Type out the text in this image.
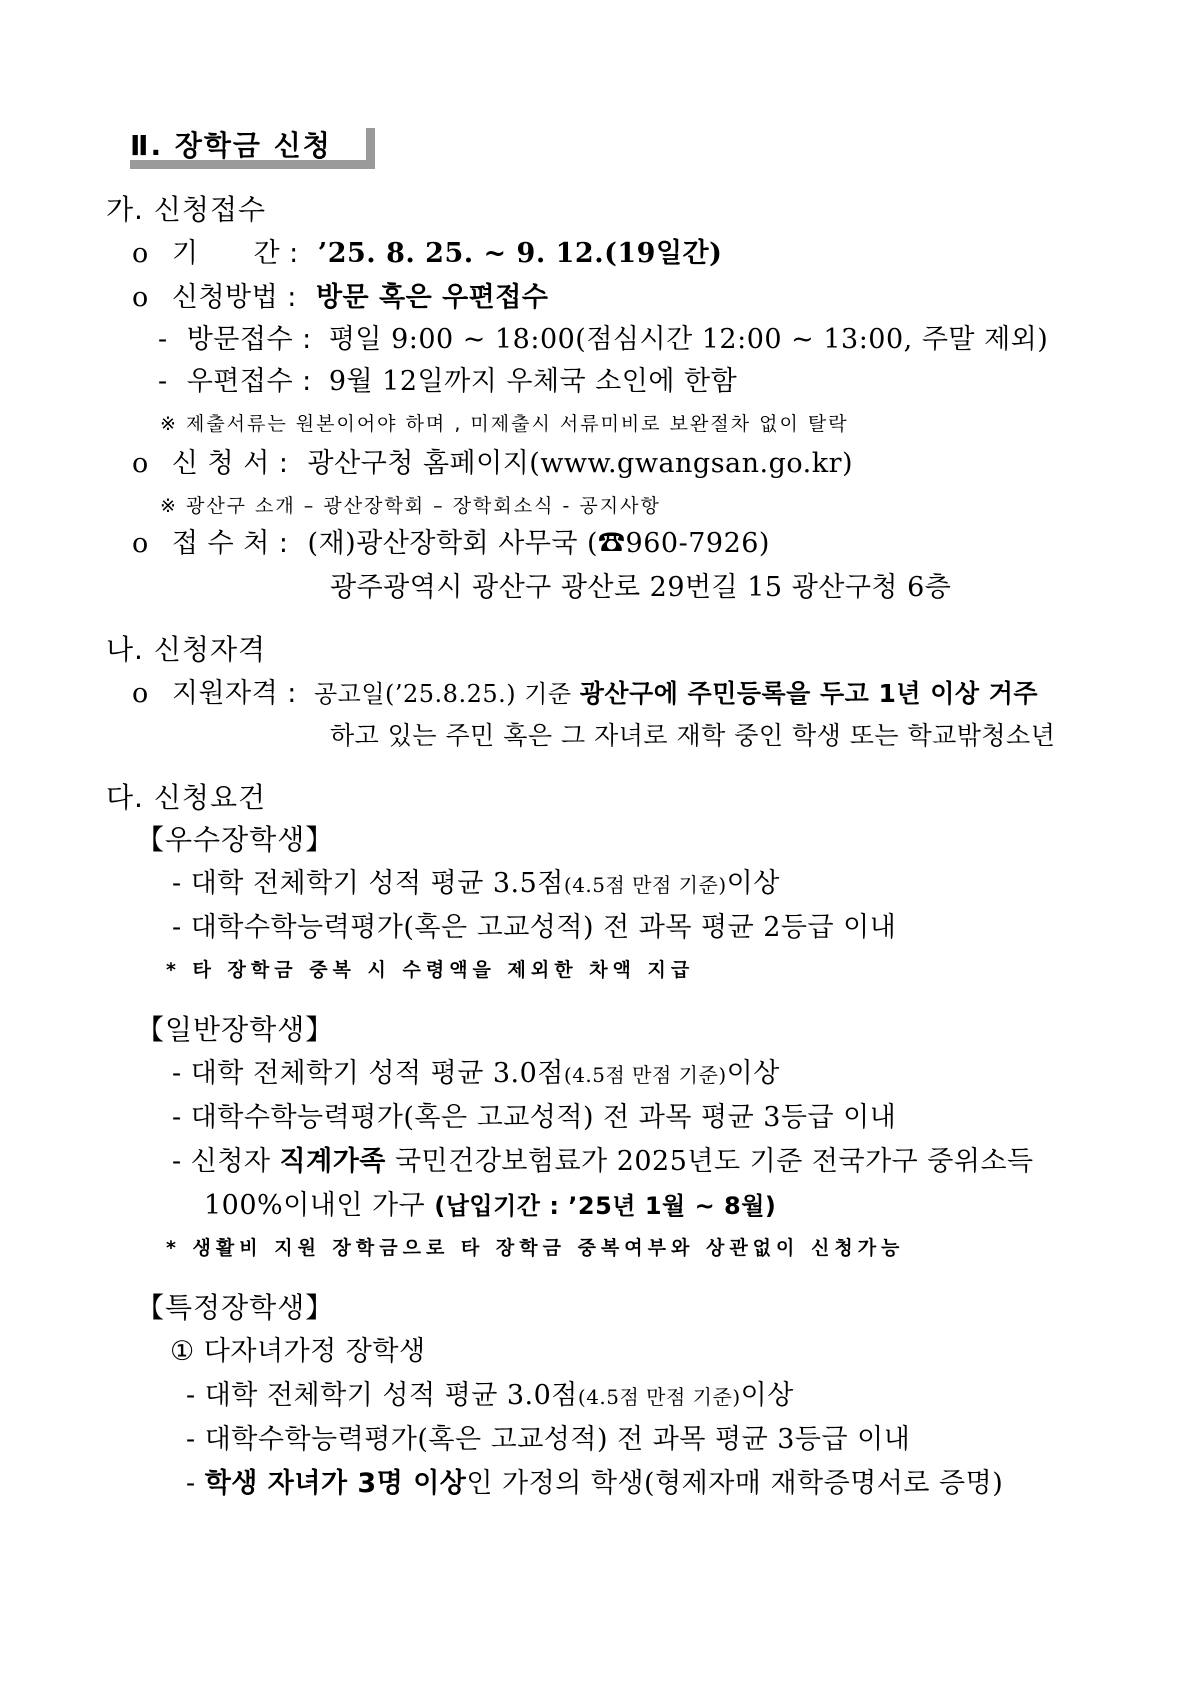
Ⅱ. 장학금 신청
가. 신청접수
o 기　　간 : ’25. 8. 25. ~ 9. 12.(19일간)
o 신청방법 : 방문 혹은 우편접수
- 방문접수 : 평일 9:00 ~ 18:00(점심시간 12:00 ~ 13:00, 주말 제외)
- 우편접수 : 9월 12일까지 우체국 소인에 한함
※ 제출서류는 원본이어야 하며 , 미제출시 서류미비로 보완절차 없이 탈락
o 신 청 서 : 광산구청 홈페이지(www.gwangsan.go.kr)
※ 광산구 소개 – 광산장학회 – 장학회소식 - 공지사항
o 접 수 처 : (재)광산장학회 사무국 (☎960-7926)
광주광역시 광산구 광산로 29번길 15 광산구청 6층
나. 신청자격
o 지원자격 : 공고일(’25.8.25.) 기준 광산구에 주민등록을 두고 1년 이상 거주
하고 있는 주민 혹은 그 자녀로 재학 중인 학생 또는 학교밖청소년
다. 신청요건
【우수장학생】
- 대학 전체학기 성적 평균 3.5점(4.5점 만점 기준)이상
- 대학수학능력평가(혹은 고교성적) 전 과목 평균 2등급 이내
* 타 장학금 중복 시 수령액을 제외한 차액 지급
【일반장학생】
- 대학 전체학기 성적 평균 3.0점(4.5점 만점 기준)이상
- 대학수학능력평가(혹은 고교성적) 전 과목 평균 3등급 이내
- 신청자 직계가족 국민건강보험료가 2025년도 기준 전국가구 중위소득
100%이내인 가구 (납입기간 : ’25년 1월 ~ 8월)
* 생활비 지원 장학금으로 타 장학금 중복여부와 상관없이 신청가능
【특정장학생】
① 다자녀가정 장학생
- 대학 전체학기 성적 평균 3.0점(4.5점 만점 기준)이상
- 대학수학능력평가(혹은 고교성적) 전 과목 평균 3등급 이내
- 학생 자녀가 3명 이상인 가정의 학생(형제자매 재학증명서로 증명)
